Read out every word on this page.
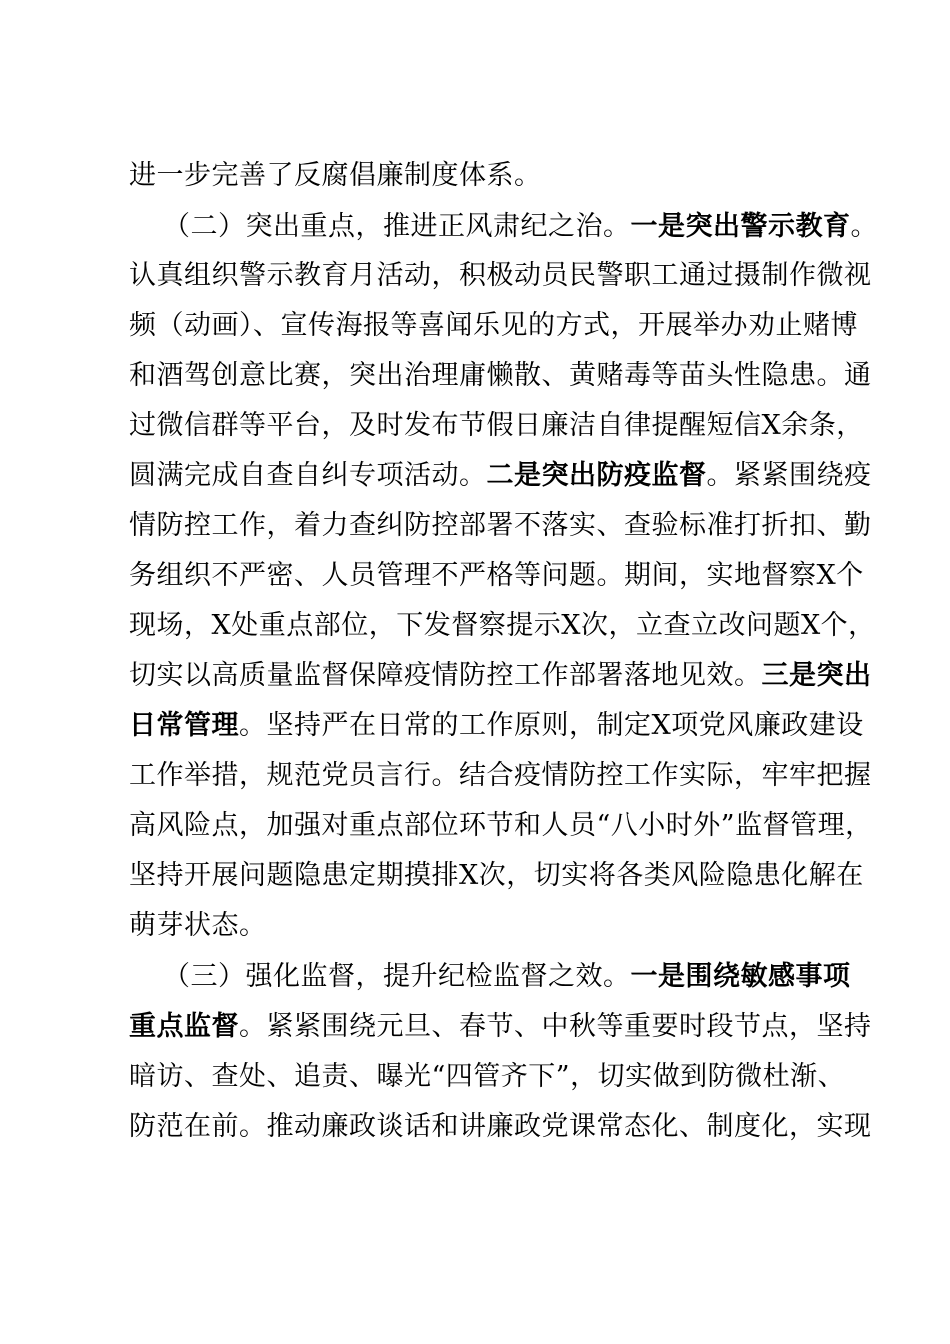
进一步完善了反腐倡廉制度体系。
（二）突出重点，推进正风肃纪之治。一是突出警示教育。
认真组织警示教育月活动，积极动员民警职工通过摄制作微视
频（动画）、宣传海报等喜闻乐见的方式，开展举办劝止赌博
和酒驾创意比赛，突出治理庸懒散、黄赌毒等苗头性隐患。通
过微信群等平台，及时发布节假日廉洁自律提醒短信X余条，
圆满完成自查自纠专项活动。二是突出防疫监督。紧紧围绕疫
情防控工作，着力查纠防控部署不落实、查验标准打折扣、勤
务组织不严密、人员管理不严格等问题。期间，实地督察X个
现场，X处重点部位，下发督察提示X次，立查立改问题X个，
切实以高质量监督保障疫情防控工作部署落地见效。三是突出
日常管理。坚持严在日常的工作原则，制定X项党风廉政建设
工作举措，规范党员言行。结合疫情防控工作实际，牢牢把握
高风险点，加强对重点部位环节和人员“八小时外”监督管理，
坚持开展问题隐患定期摸排X次，切实将各类风险隐患化解在
萌芽状态。
（三）强化监督，提升纪检监督之效。一是围绕敏感事项
重点监督。紧紧围绕元旦、春节、中秋等重要时段节点，坚持
暗访、查处、追责、曝光“四管齐下”，切实做到防微杜渐、
防范在前。推动廉政谈话和讲廉政党课常态化、制度化，实现
